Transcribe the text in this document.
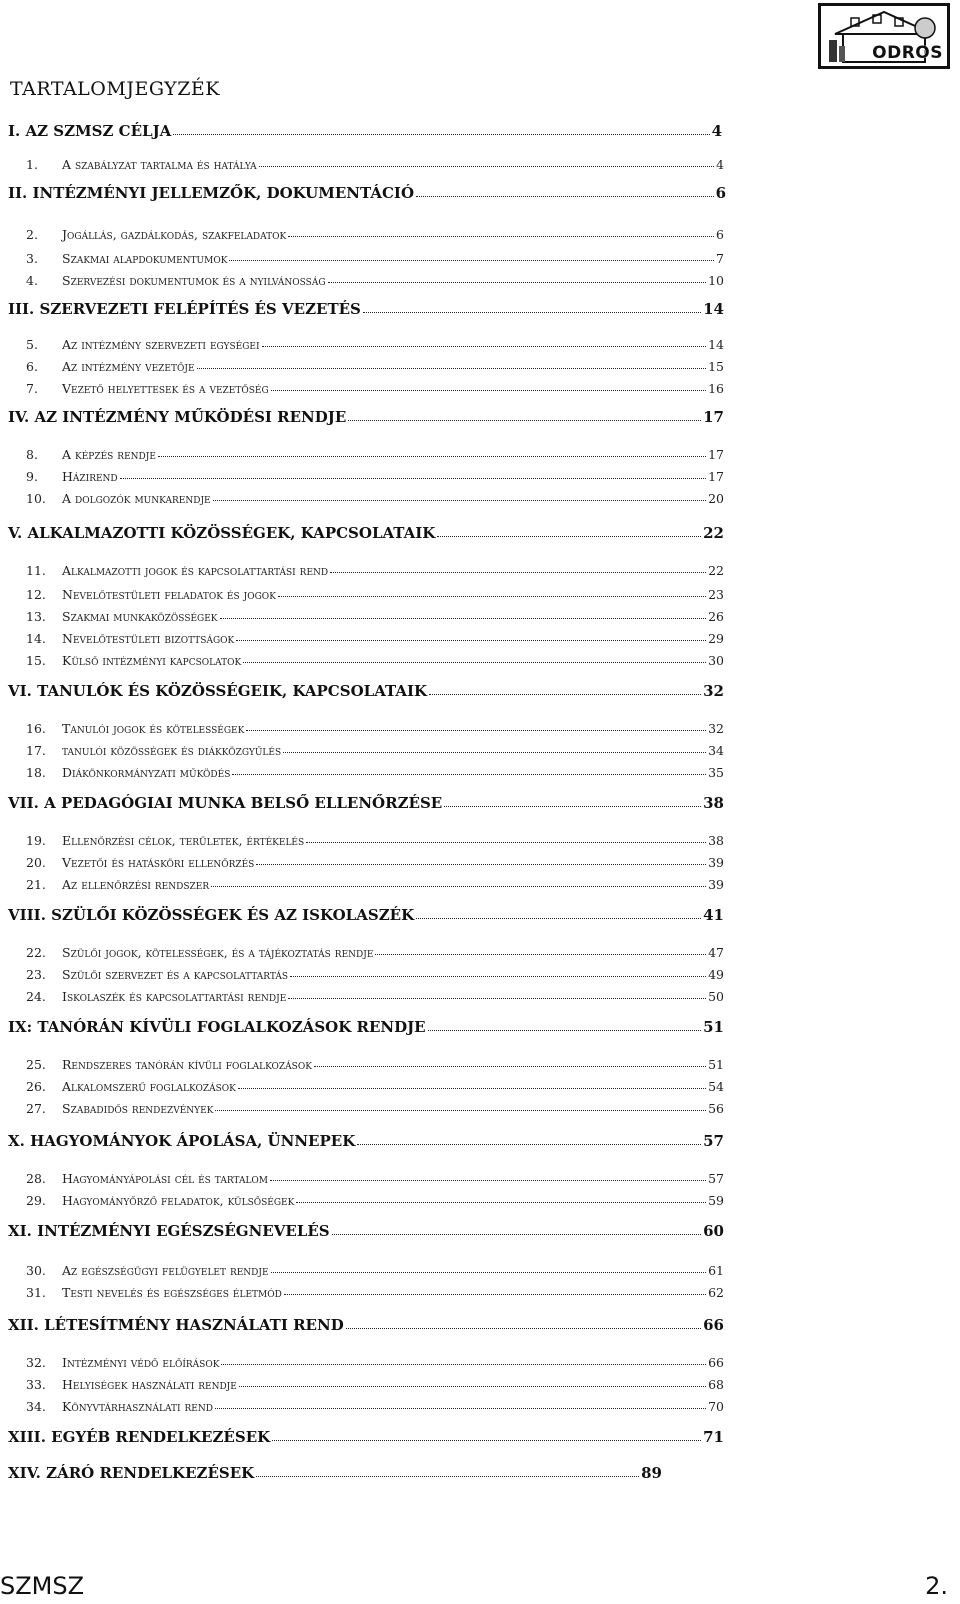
ODROS
TARTALOMJEGYZÉK
I. AZ SZMSZ CÉLJA	4
1. A szabályzat tartalma és hatálya	4
II. INTÉZMÉNYI JELLEMZŐK, DOKUMENTÁCIÓ	6
2. Jogállás, gazdálkodás, szakfeladatok	6
3. Szakmai alapdokumentumok	7
4. Szervezési dokumentumok és a nyilvánosság	10
III. SZERVEZETI FELÉPÍTÉS ÉS VEZETÉS	14
5. Az intézmény szervezeti egységei	14
6. Az intézmény vezetője	15
7. Vezető helyettesek és a vezetőség	16
IV. AZ INTÉZMÉNY MŰKÖDÉSI RENDJE	17
8. A képzés rendje	17
9. Házirend	17
10. A dolgozók munkarendje	20
V. ALKALMAZOTTI KÖZÖSSÉGEK, KAPCSOLATAIK	22
11. Alkalmazotti jogok és kapcsolattartási rend	22
12. Nevelőtestületi feladatok és jogok	23
13. Szakmai munkaközösségek	26
14. Nevelőtestületi bizottságok	29
15. Külső intézményi kapcsolatok	30
VI. TANULÓK ÉS KÖZÖSSÉGEIK, KAPCSOLATAIK	32
16. Tanulói jogok és kötelességek	32
17. tanulói közösségek és diákközgyűlés	34
18. Diákönkormányzati működés	35
VII. A PEDAGÓGIAI MUNKA BELSŐ ELLENŐRZÉSE	38
19. Ellenőrzési célok, területek, értékelés	38
20. Vezetői és hatásköri ellenőrzés	39
21. Az ellenőrzési rendszer	39
VIII. SZÜLŐI KÖZÖSSÉGEK ÉS AZ ISKOLASZÉK	41
22. Szülői jogok, kötelességek, és a tájékoztatás rendje	47
23. Szülői szervezet és a kapcsolattartás	49
24. Iskolaszék és kapcsolattartási rendje	50
IX: TANÓRÁN KÍVÜLI FOGLALKOZÁSOK RENDJE	51
25. Rendszeres tanórán kívüli foglalkozások	51
26. Alkalomszerű foglalkozások	54
27. Szabadidős rendezvények	56
X. HAGYOMÁNYOK ÁPOLÁSA, ÜNNEPEK	57
28. Hagyományápolási cél és tartalom	57
29. Hagyományőrző feladatok, külsőségek	59
XI. INTÉZMÉNYI EGÉSZSÉGNEVELÉS	60
30. Az egészségügyi felügyelet rendje	61
31. Testi nevelés és egészséges életmód	62
XII. LÉTESÍTMÉNY HASZNÁLATI REND	66
32. Intézményi védő előírások	66
33. Helyiségek használati rendje	68
34. Könyvtárhasználati rend	70
XIII. EGYÉB RENDELKEZÉSEK	71
XIV. ZÁRÓ RENDELKEZÉSEK	89
SZMSZ	2.
